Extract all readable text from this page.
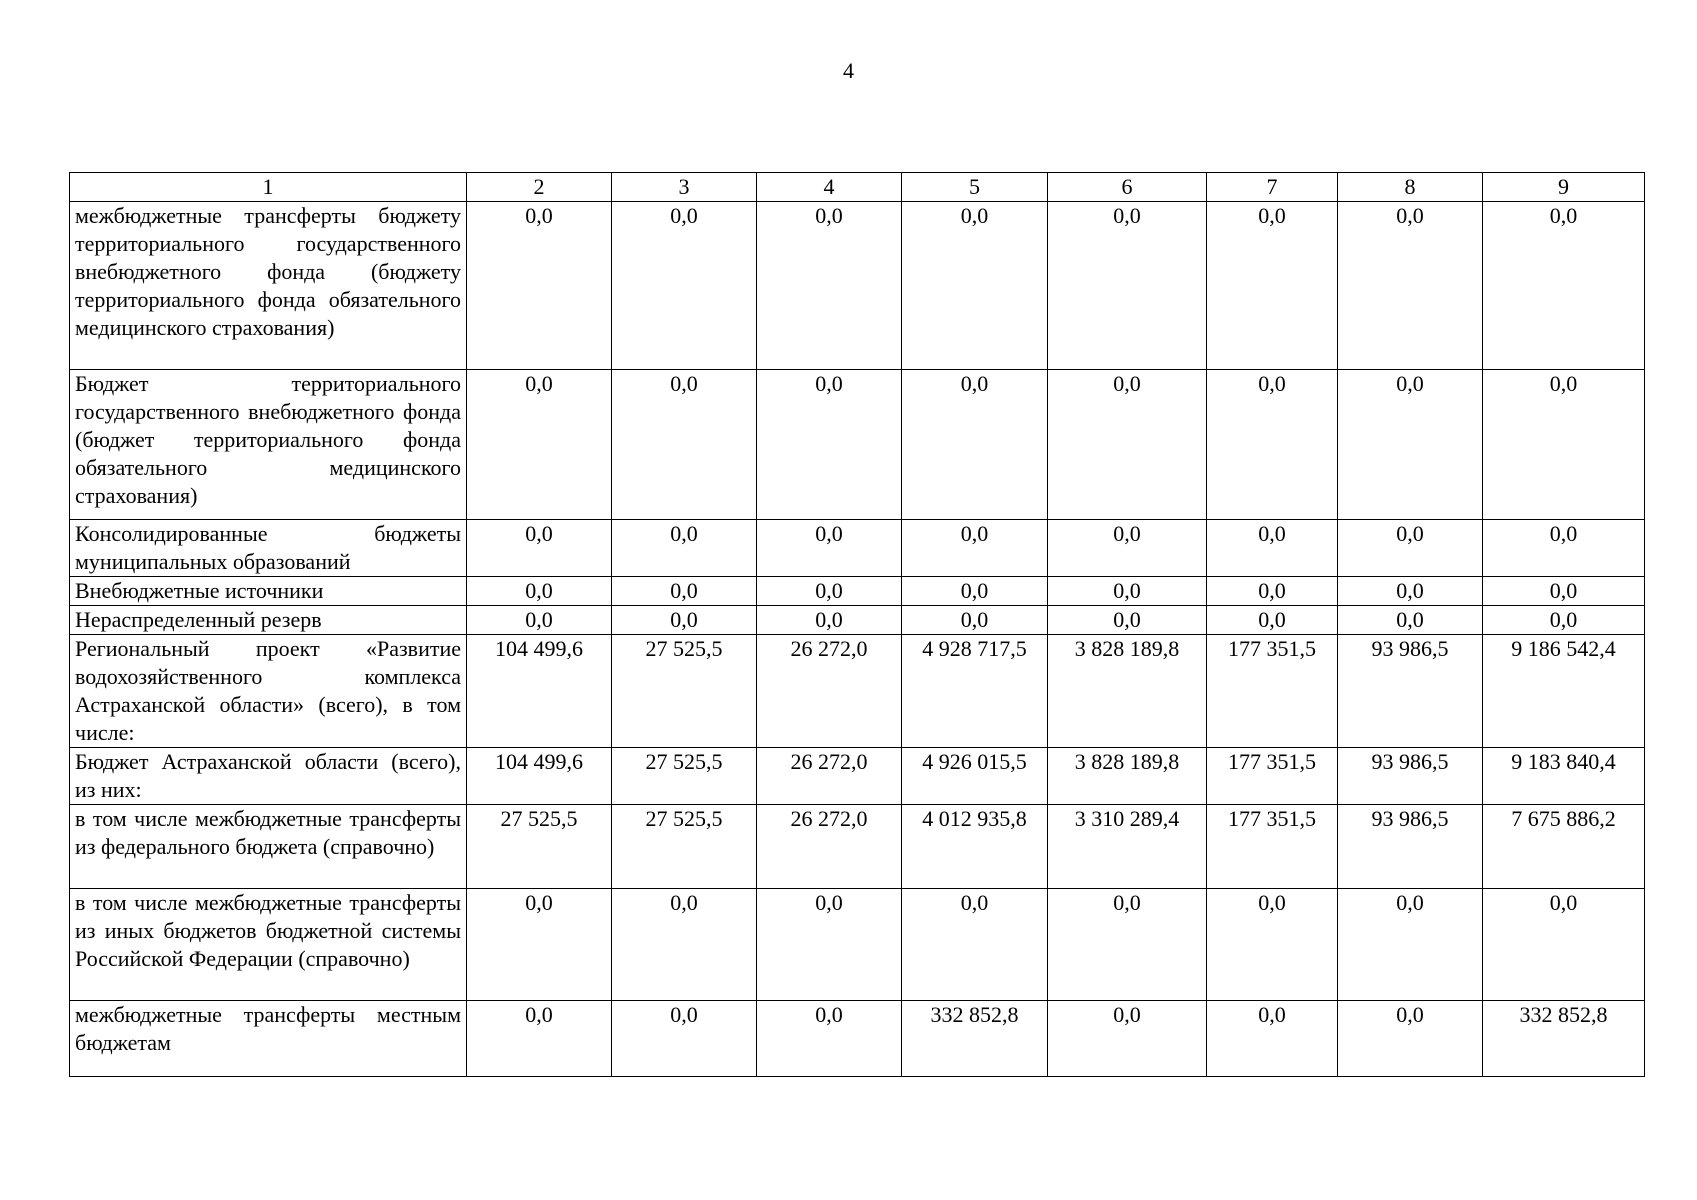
4
1	2	3	4	5	6	7	8	9
межбюджетные трансферты бюджету территориального государственного внебюджетного фонда (бюджету территориального фонда обязательного медицинского страхования)	0,0	0,0	0,0	0,0	0,0	0,0	0,0	0,0
Бюджет территориального государственного внебюджетного фонда (бюджет территориального фонда обязательного медицинского страхования)	0,0	0,0	0,0	0,0	0,0	0,0	0,0	0,0
Консолидированные бюджеты муниципальных образований	0,0	0,0	0,0	0,0	0,0	0,0	0,0	0,0
Внебюджетные источники	0,0	0,0	0,0	0,0	0,0	0,0	0,0	0,0
Нераспределенный резерв	0,0	0,0	0,0	0,0	0,0	0,0	0,0	0,0
Региональный проект «Развитие водохозяйственного комплекса Астраханской области» (всего), в том числе:	104 499,6	27 525,5	26 272,0	4 928 717,5	3 828 189,8	177 351,5	93 986,5	9 186 542,4
Бюджет Астраханской области (всего), из них:	104 499,6	27 525,5	26 272,0	4 926 015,5	3 828 189,8	177 351,5	93 986,5	9 183 840,4
в том числе межбюджетные трансферты из федерального бюджета (справочно)	27 525,5	27 525,5	26 272,0	4 012 935,8	3 310 289,4	177 351,5	93 986,5	7 675 886,2
в том числе межбюджетные трансферты из иных бюджетов бюджетной системы Российской Федерации (справочно)	0,0	0,0	0,0	0,0	0,0	0,0	0,0	0,0
межбюджетные трансферты местным бюджетам	0,0	0,0	0,0	332 852,8	0,0	0,0	0,0	332 852,8
